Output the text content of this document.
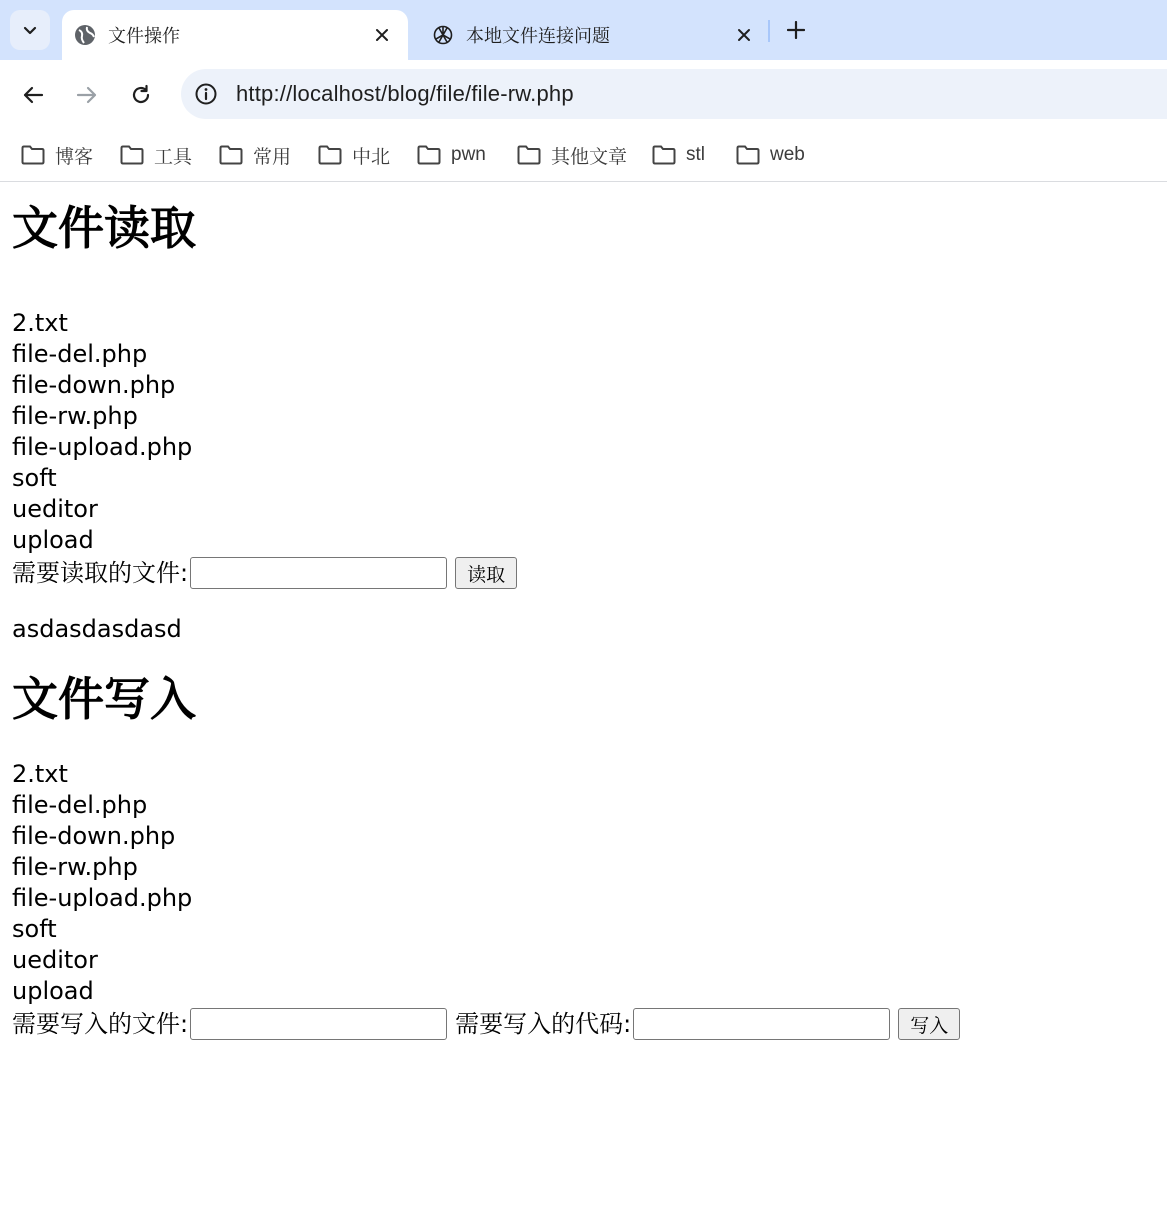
文件操作	本地文件连接问题
http://localhost/blog/file/file-rw.php
博客	工具	常用	中北	pwn	其他文章	stl	web
文件读取
2.txt
file-del.php
file-down.php
file-rw.php
file-upload.php
soft
ueditor
upload
需要读取的文件:	读取
asdasdasdasd
文件写入
2.txt
file-del.php
file-down.php
file-rw.php
file-upload.php
soft
ueditor
upload
需要写入的文件:	需要写入的代码:	写入
